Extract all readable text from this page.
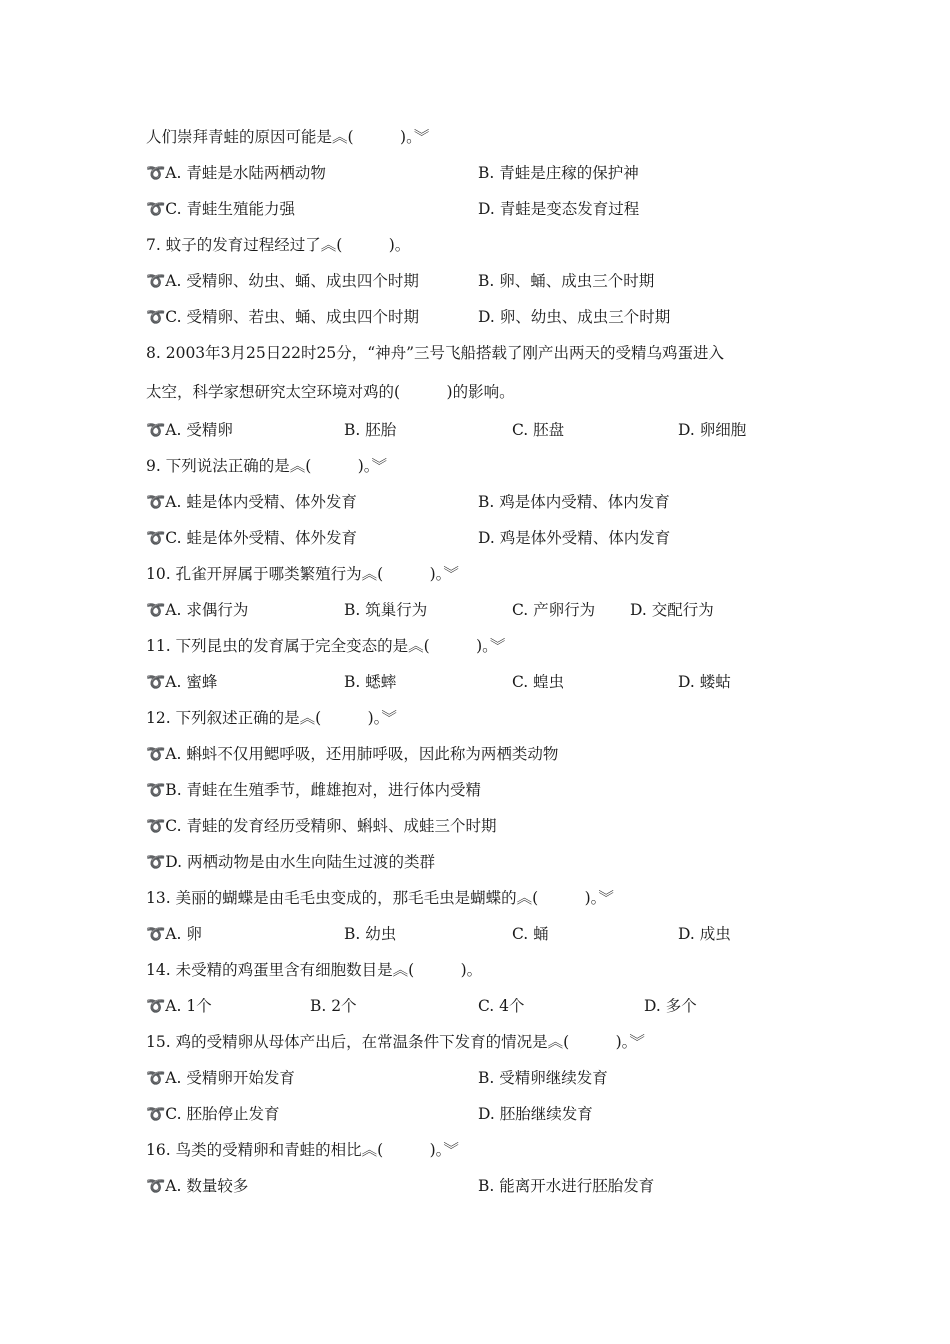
人们崇拜青蛙的原因可能是︽(　　　)。︾
➰A. 青蛙是水陆两栖动物	B. 青蛙是庄稼的保护神
➰C. 青蛙生殖能力强	D. 青蛙是变态发育过程
7. 蚊子的发育过程经过了︽(　　　)。
➰A. 受精卵、幼虫、蛹、成虫四个时期	B. 卵、蛹、成虫三个时期
➰C. 受精卵、若虫、蛹、成虫四个时期	D. 卵、幼虫、成虫三个时期
8. 2003年3月25日22时25分，“神舟”三号飞船搭载了刚产出两天的受精乌鸡蛋进入
太空，科学家想研究太空环境对鸡的(　　　)的影响。
➰A. 受精卵	B. 胚胎	C. 胚盘	D. 卵细胞
9. 下列说法正确的是︽(　　　)。︾
➰A. 蛙是体内受精、体外发育	B. 鸡是体内受精、体内发育
➰C. 蛙是体外受精、体外发育	D. 鸡是体外受精、体内发育
10. 孔雀开屏属于哪类繁殖行为︽(　　　)。︾
➰A. 求偶行为	B. 筑巢行为	C. 产卵行为 D. 交配行为
11. 下列昆虫的发育属于完全变态的是︽(　　　)。︾
➰A. 蜜蜂	B. 蟋蟀	C. 蝗虫	D. 蝼蛄
12. 下列叙述正确的是︽(　　　)。︾
➰A. 蝌蚪不仅用鳃呼吸，还用肺呼吸，因此称为两栖类动物
➰B. 青蛙在生殖季节，雌雄抱对，进行体内受精
➰C. 青蛙的发育经历受精卵、蝌蚪、成蛙三个时期
➰D. 两栖动物是由水生向陆生过渡的类群
13. 美丽的蝴蝶是由毛毛虫变成的，那毛毛虫是蝴蝶的︽(　　　)。︾
➰A. 卵	B. 幼虫	C. 蛹	D. 成虫
14. 未受精的鸡蛋里含有细胞数目是︽(　　　)。
➰A. 1个	B. 2个	C. 4个	D. 多个
15. 鸡的受精卵从母体产出后，在常温条件下发育的情况是︽(　　　)。︾
➰A. 受精卵开始发育	B. 受精卵继续发育
➰C. 胚胎停止发育	D. 胚胎继续发育
16. 鸟类的受精卵和青蛙的相比︽(　　　)。︾
➰A. 数量较多	B. 能离开水进行胚胎发育
